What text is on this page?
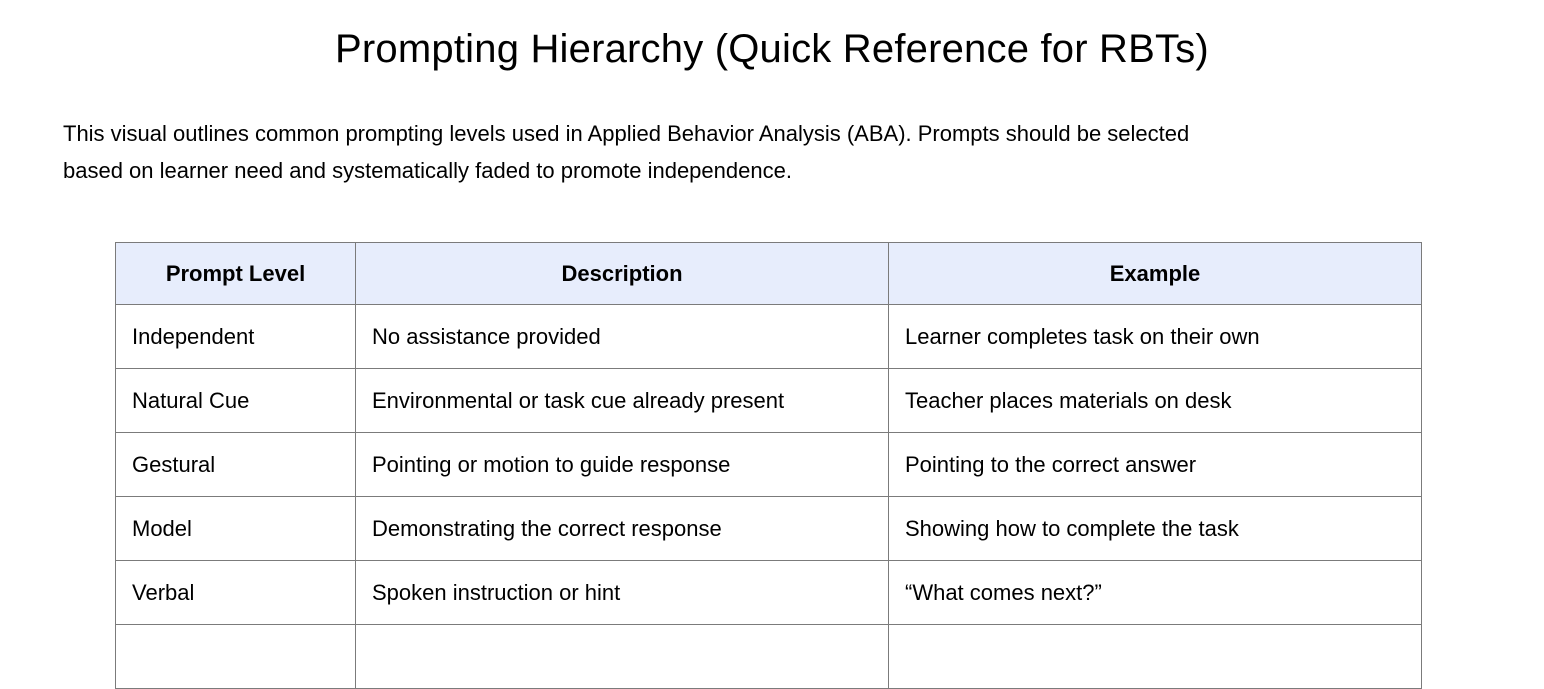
Prompting Hierarchy (Quick Reference for RBTs)
This visual outlines common prompting levels used in Applied Behavior Analysis (ABA). Prompts should be selected
based on learner need and systematically faded to promote independence.
Prompt Level	Description	Example
Independent	No assistance provided	Learner completes task on their own
Natural Cue	Environmental or task cue already present	Teacher places materials on desk
Gestural	Pointing or motion to guide response	Pointing to the correct answer
Model	Demonstrating the correct response	Showing how to complete the task
Verbal	Spoken instruction or hint	“What comes next?”
